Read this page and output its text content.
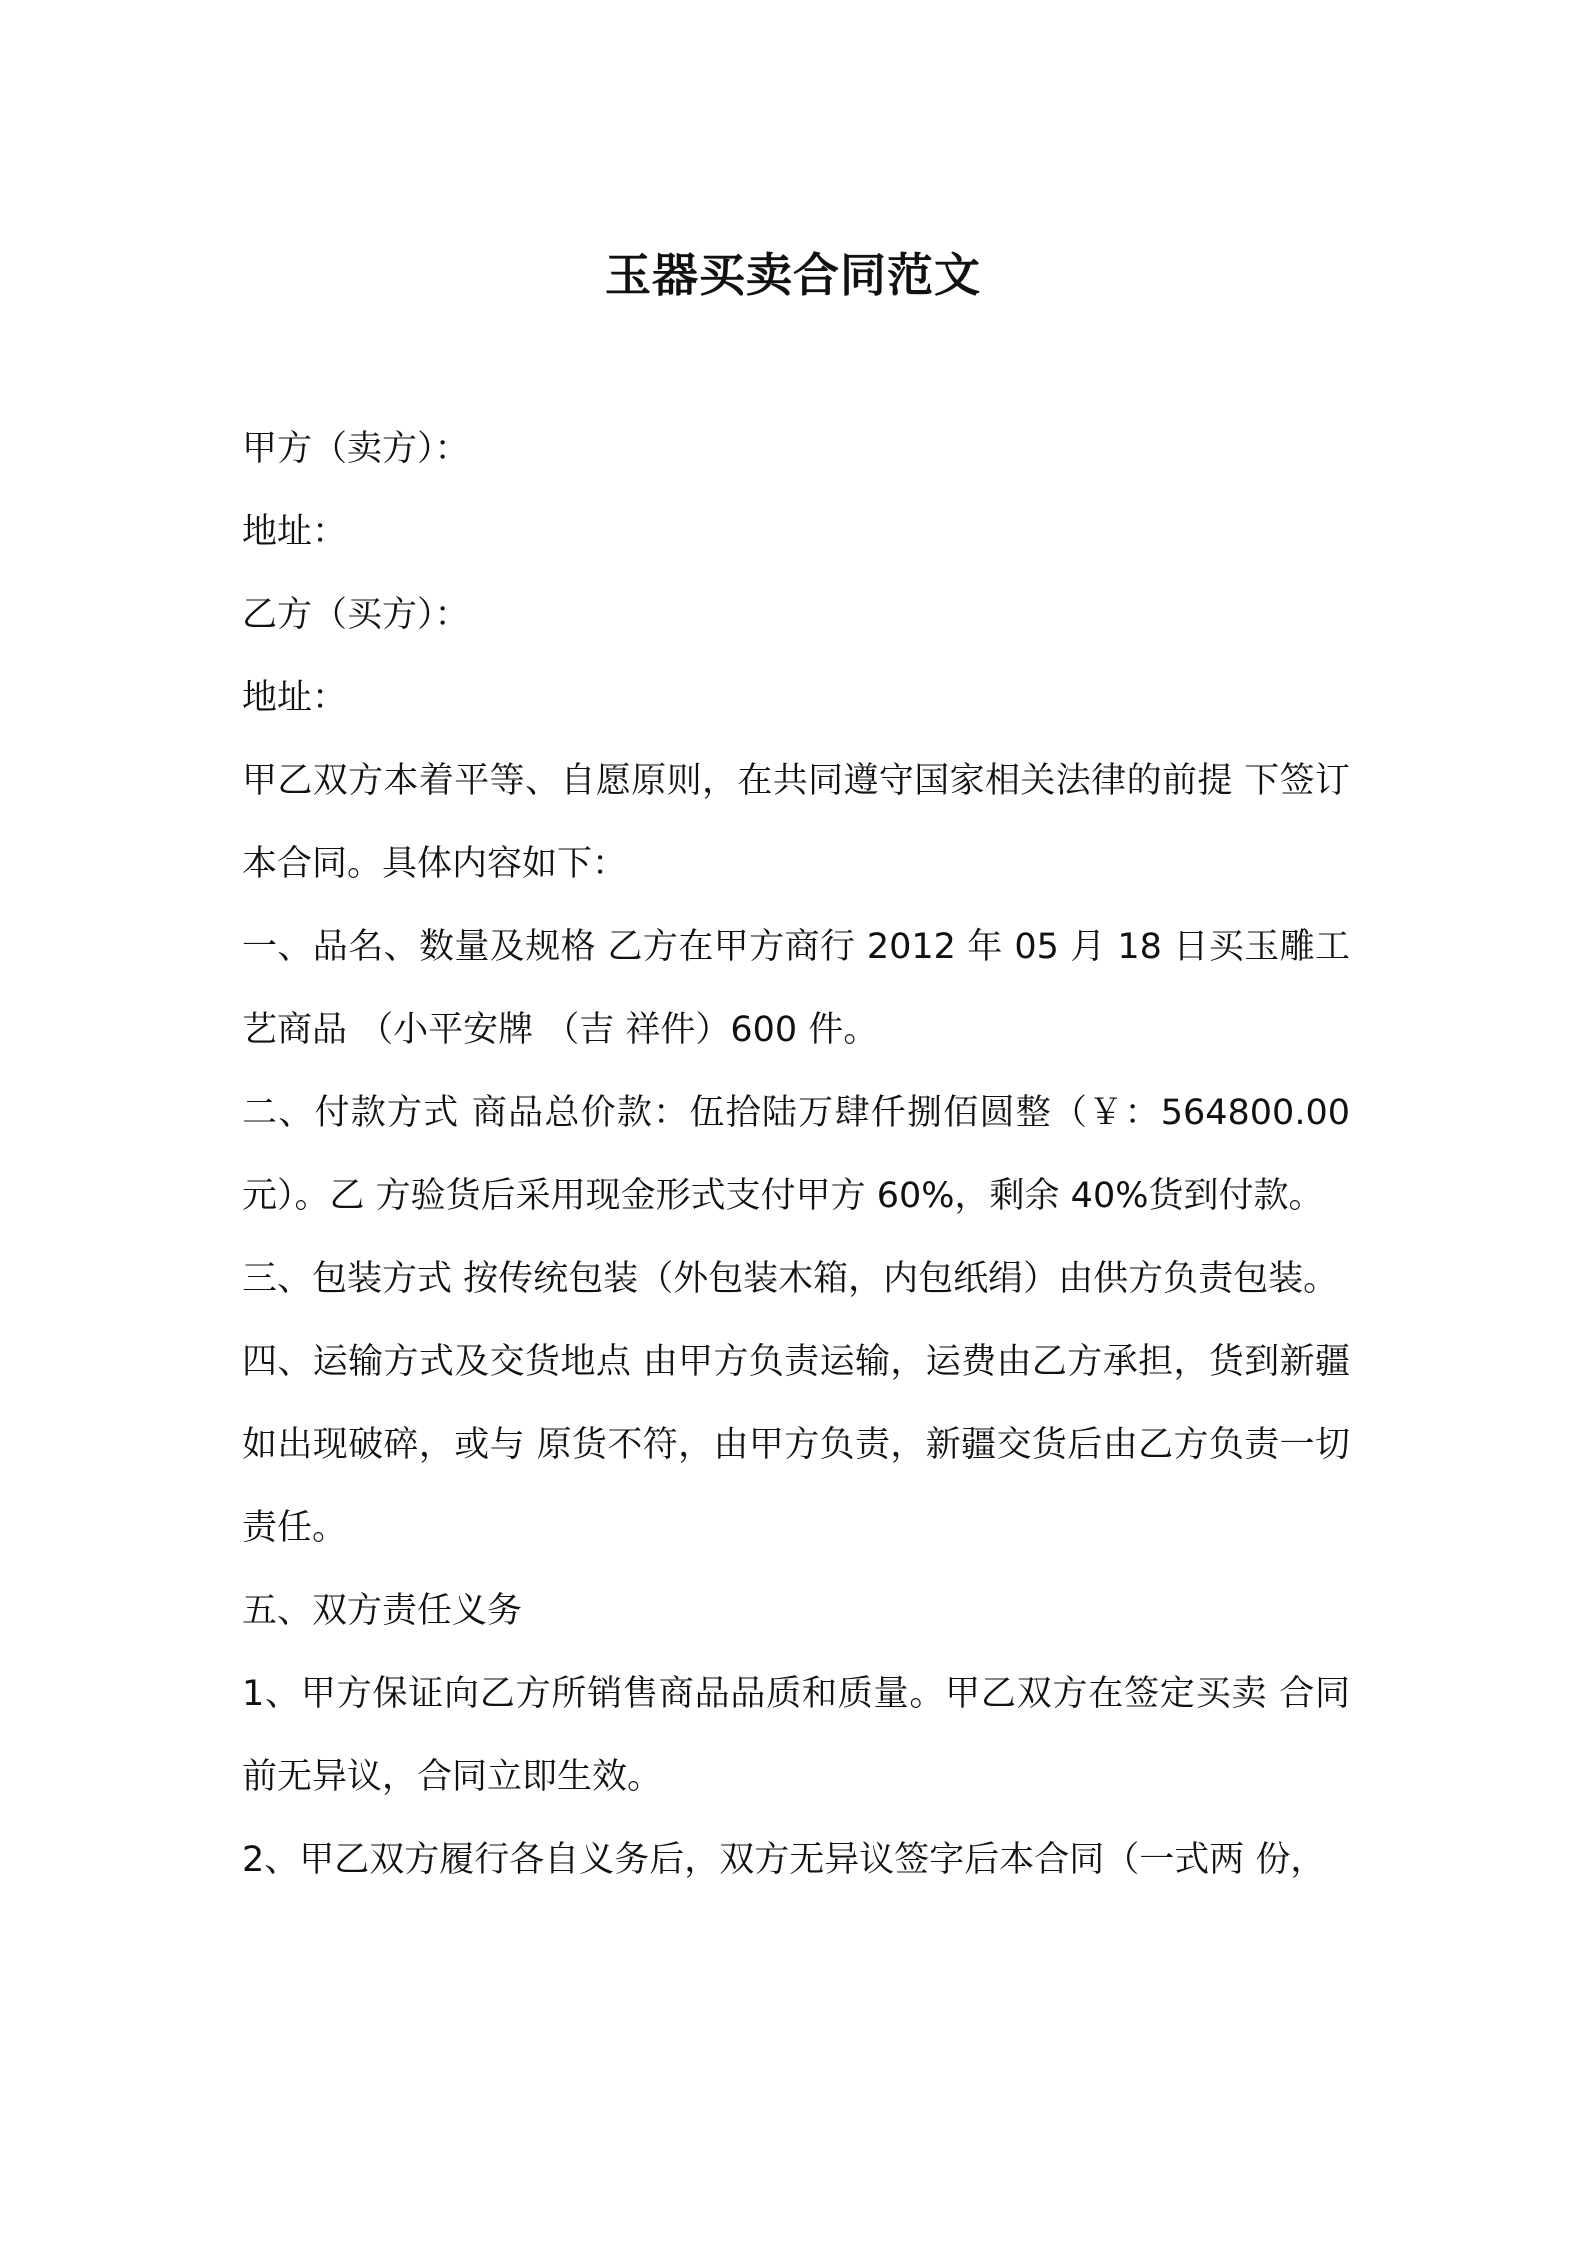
玉器买卖合同范文

甲方（卖方）：

地址：

乙方（买方）：

地址：

甲乙双方本着平等、自愿原则，在共同遵守国家相关法律的前提 下签订本合同。具体内容如下：

一、品名、数量及规格 乙方在甲方商行 2012 年 05 月 18 日买玉雕工艺商品 （小平安牌 （吉 祥件）600 件。

二、付款方式 商品总价款：伍拾陆万肆仟捌佰圆整（￥：564800.00元）。乙 方验货后采用现金形式支付甲方 60%，剩余 40%货到付款。

三、包装方式 按传统包装（外包装木箱，内包纸绢）由供方负责包装。

四、运输方式及交货地点 由甲方负责运输，运费由乙方承担，货到新疆如出现破碎，或与 原货不符，由甲方负责，新疆交货后由乙方负责一切责任。

五、双方责任义务

1、甲方保证向乙方所销售商品品质和质量。甲乙双方在签定买卖 合同前无异议，合同立即生效。

2、甲乙双方履行各自义务后，双方无异议签字后本合同（一式两 份，
